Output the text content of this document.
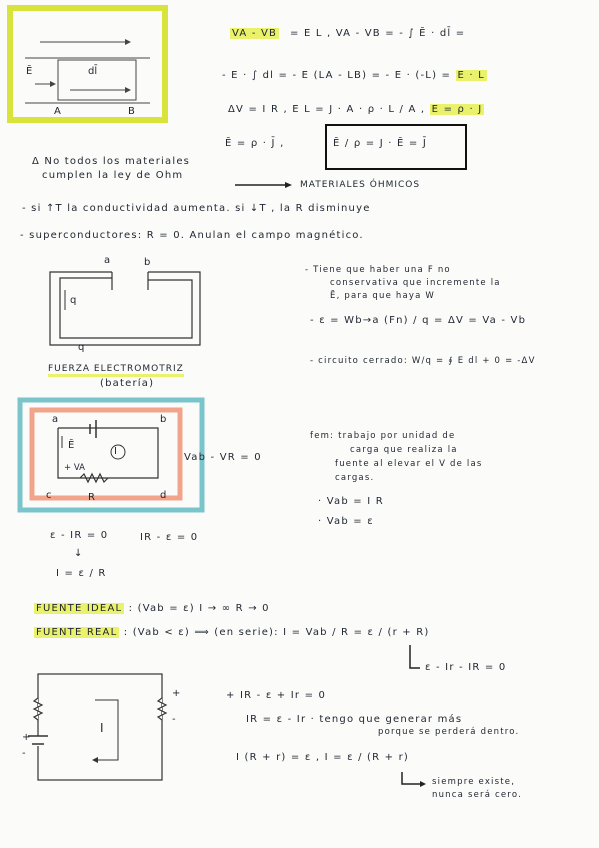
Ē	dl̄
A	B
VA - VB = E L , VA - VB = - ∫ Ē · dl̄ =
- E · ∫ dl = - E (LA - LB) = - E · (-L) = E · L
ΔV = I R , E L = J · A · ρ · L / A , E = ρ · J
Ē = ρ · J̄ ,	Ē / ρ = J · Ē = J̄
Δ No todos los materiales
cumplen la ley de Ohm
MATERIALES ÓHMICOS
- si ↑T la conductividad aumenta. si ↓T , la R disminuye
- superconductores: R = 0. Anulan el campo magnético.
a	b
q
q
- Tiene que haber una F no
conservativa que incremente la
Ē, para que haya W
- ε = Wb→a (Fn) / q = ΔV = Va - Vb
- circuito cerrado: W/q = ∮ E dl + 0 = -ΔV
FUERZA ELECTROMOTRIZ
(batería)
a	b
c	d
Ē
I
R
+ VA
Vab - VR = 0
fem: trabajo por unidad de
carga que realiza la
fuente al elevar el V de las
cargas.
· Vab = I R
· Vab = ε
ε - IR = 0	IR - ε = 0
↓
I = ε / R
FUENTE IDEAL : (Vab = ε) I → ∞ R → 0
FUENTE REAL : (Vab < ε) ⟹ (en serie): I = Vab / R = ε / (r + R)
ε - Ir - IR = 0
I
+
-
+
-
+ IR - ε + Ir = 0
IR = ε - Ir · tengo que generar más
porque se perderá dentro.
I (R + r) = ε , I = ε / (R + r)
siempre existe,
nunca será cero.
